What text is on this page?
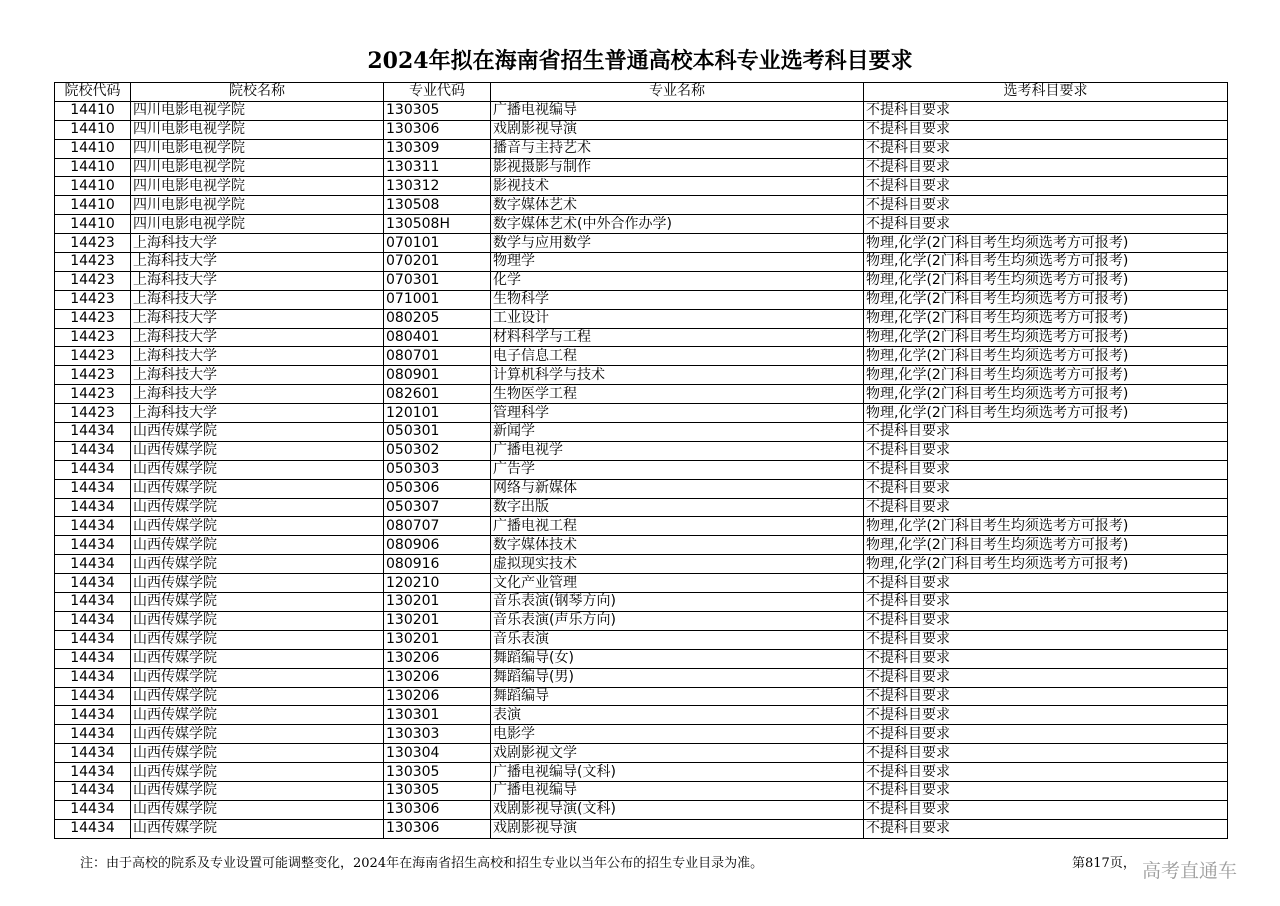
2024年拟在海南省招生普通高校本科专业选考科目要求
院校代码	院校名称	专业代码	专业名称	选考科目要求
14410	四川电影电视学院	130305	广播电视编导	不提科目要求
14410	四川电影电视学院	130306	戏剧影视导演	不提科目要求
14410	四川电影电视学院	130309	播音与主持艺术	不提科目要求
14410	四川电影电视学院	130311	影视摄影与制作	不提科目要求
14410	四川电影电视学院	130312	影视技术	不提科目要求
14410	四川电影电视学院	130508	数字媒体艺术	不提科目要求
14410	四川电影电视学院	130508H	数字媒体艺术(中外合作办学)	不提科目要求
14423	上海科技大学	070101	数学与应用数学	物理,化学(2门科目考生均须选考方可报考)
14423	上海科技大学	070201	物理学	物理,化学(2门科目考生均须选考方可报考)
14423	上海科技大学	070301	化学	物理,化学(2门科目考生均须选考方可报考)
14423	上海科技大学	071001	生物科学	物理,化学(2门科目考生均须选考方可报考)
14423	上海科技大学	080205	工业设计	物理,化学(2门科目考生均须选考方可报考)
14423	上海科技大学	080401	材料科学与工程	物理,化学(2门科目考生均须选考方可报考)
14423	上海科技大学	080701	电子信息工程	物理,化学(2门科目考生均须选考方可报考)
14423	上海科技大学	080901	计算机科学与技术	物理,化学(2门科目考生均须选考方可报考)
14423	上海科技大学	082601	生物医学工程	物理,化学(2门科目考生均须选考方可报考)
14423	上海科技大学	120101	管理科学	物理,化学(2门科目考生均须选考方可报考)
14434	山西传媒学院	050301	新闻学	不提科目要求
14434	山西传媒学院	050302	广播电视学	不提科目要求
14434	山西传媒学院	050303	广告学	不提科目要求
14434	山西传媒学院	050306	网络与新媒体	不提科目要求
14434	山西传媒学院	050307	数字出版	不提科目要求
14434	山西传媒学院	080707	广播电视工程	物理,化学(2门科目考生均须选考方可报考)
14434	山西传媒学院	080906	数字媒体技术	物理,化学(2门科目考生均须选考方可报考)
14434	山西传媒学院	080916	虚拟现实技术	物理,化学(2门科目考生均须选考方可报考)
14434	山西传媒学院	120210	文化产业管理	不提科目要求
14434	山西传媒学院	130201	音乐表演(钢琴方向)	不提科目要求
14434	山西传媒学院	130201	音乐表演(声乐方向)	不提科目要求
14434	山西传媒学院	130201	音乐表演	不提科目要求
14434	山西传媒学院	130206	舞蹈编导(女)	不提科目要求
14434	山西传媒学院	130206	舞蹈编导(男)	不提科目要求
14434	山西传媒学院	130206	舞蹈编导	不提科目要求
14434	山西传媒学院	130301	表演	不提科目要求
14434	山西传媒学院	130303	电影学	不提科目要求
14434	山西传媒学院	130304	戏剧影视文学	不提科目要求
14434	山西传媒学院	130305	广播电视编导(文科)	不提科目要求
14434	山西传媒学院	130305	广播电视编导	不提科目要求
14434	山西传媒学院	130306	戏剧影视导演(文科)	不提科目要求
14434	山西传媒学院	130306	戏剧影视导演	不提科目要求
注：由于高校的院系及专业设置可能调整变化，2024年在海南省招生高校和招生专业以当年公布的招生专业目录为准。	第817页， 高考直通车
